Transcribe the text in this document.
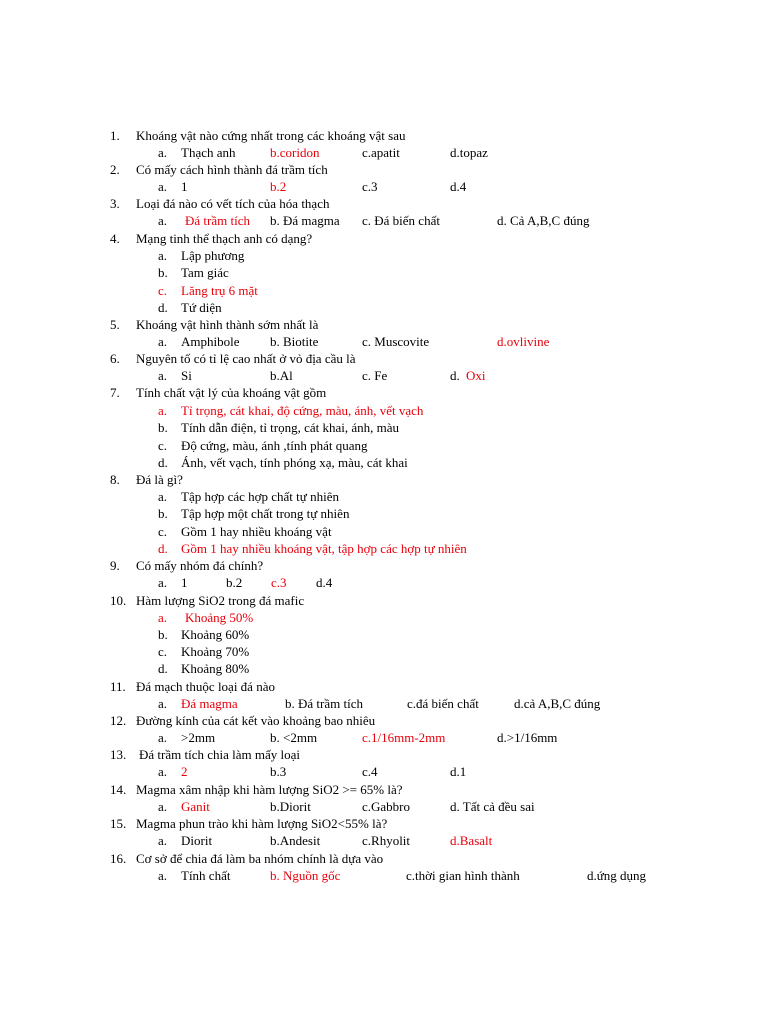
1. Khoáng vật nào cứng nhất trong các khoáng vật sau
a. Thạch anh	b.coridon	c.apatit	d.topaz
2. Có mấy cách hình thành đá trầm tích
a. 1	b.2	c.3	d.4
3. Loại đá nào có vết tích của hóa thạch
a. Đá trầm tích b. Đá magma c. Đá biến chất	d. Cả A,B,C đúng
4. Mạng tinh thể thạch anh có dạng?
a. Lập phương
b. Tam giác
c. Lăng trụ 6 mặt
d. Tứ diện
5. Khoáng vật hình thành sớm nhất là
a. Amphibole b. Biotite	c. Muscovite	d.ovlivine
6. Nguyên tố có tỉ lệ cao nhất ở vỏ địa cầu là
a. Si	b.Al	c. Fe	d. Oxi
7. Tính chất vật lý của khoáng vật gồm
a. Tỉ trọng, cát khai, độ cứng, màu, ánh, vết vạch
b. Tính dẫn điện, tỉ trọng, cát khai, ánh, màu
c. Độ cứng, màu, ánh ,tính phát quang
d. Ánh, vết vạch, tính phóng xạ, màu, cát khai
8. Đá là gì?
a. Tập hợp các hợp chất tự nhiên
b. Tập hợp một chất trong tự nhiên
c. Gồm 1 hay nhiều khoáng vật
d. Gồm 1 hay nhiều khoáng vật, tập hợp các hợp tự nhiên
9. Có mấy nhóm đá chính?
a. 1	b.2 c.3 d.4
10. Hàm lượng SiO2 trong đá mafic
a. Khoảng 50%
b. Khoảng 60%
c. Khoảng 70%
d. Khoảng 80%
11. Đá mạch thuộc loại đá nào
a. Đá magma	b. Đá trầm tích	c.đá biến chất	d.cả A,B,C đúng
12. Đường kính của cát kết vào khoảng bao nhiêu
a. >2mm	b. <2mm	c.1/16mm-2mm	d.>1/16mm
13. Đá trầm tích chia làm mấy loại
a. 2	b.3	c.4	d.1
14. Magma xâm nhập khi hàm lượng SiO2 >= 65% là?
a. Ganit	b.Diorit	c.Gabbro	d. Tất cả đều sai
15. Magma phun trào khi hàm lượng SiO2<55% là?
a. Diorit	b.Andesit	c.Rhyolit	d.Basalt
16. Cơ sở để chia đá làm ba nhóm chính là dựa vào
a. Tính chất	b. Nguồn gốc	c.thời gian hình thành	d.ứng dụng
